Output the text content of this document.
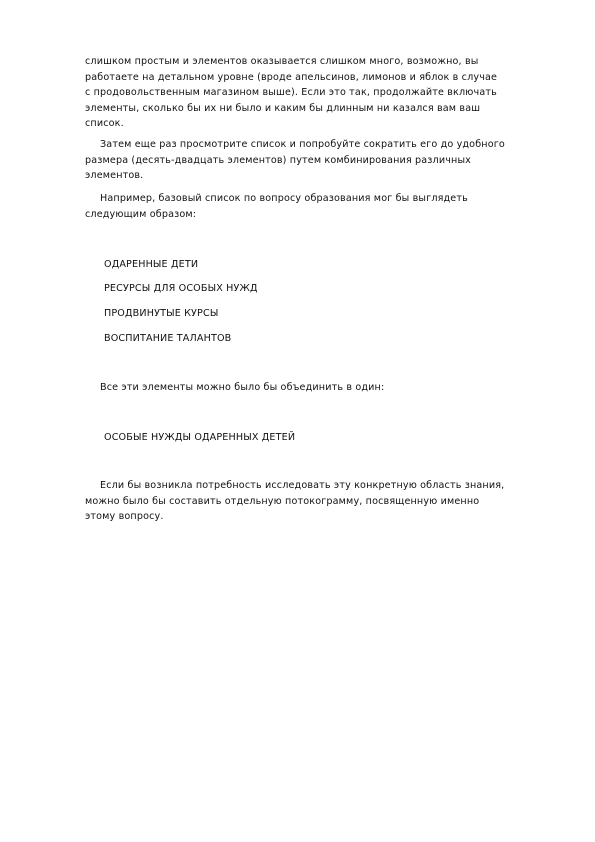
слишком простым и элементов оказывается слишком много, возможно, вы
работаете на детальном уровне (вроде апельсинов, лимонов и яблок в случае
с продовольственным магазином выше). Если это так, продолжайте включать
элементы, сколько бы их ни было и каким бы длинным ни казался вам ваш
список.
Затем еще раз просмотрите список и попробуйте сократить его до удобного
размера (десять-двадцать элементов) путем комбинирования различных
элементов.
Например, базовый список по вопросу образования мог бы выглядеть
следующим образом:

ОДАРЕННЫЕ ДЕТИ

РЕСУРСЫ ДЛЯ ОСОБЫХ НУЖД

ПРОДВИНУТЫЕ КУРСЫ

ВОСПИТАНИЕ ТАЛАНТОВ

Все эти элементы можно было бы объединить в один:

ОСОБЫЕ НУЖДЫ ОДАРЕННЫХ ДЕТЕЙ

Если бы возникла потребность исследовать эту конкретную область знания,
можно было бы составить отдельную потокограмму, посвященную именно
этому вопросу.
